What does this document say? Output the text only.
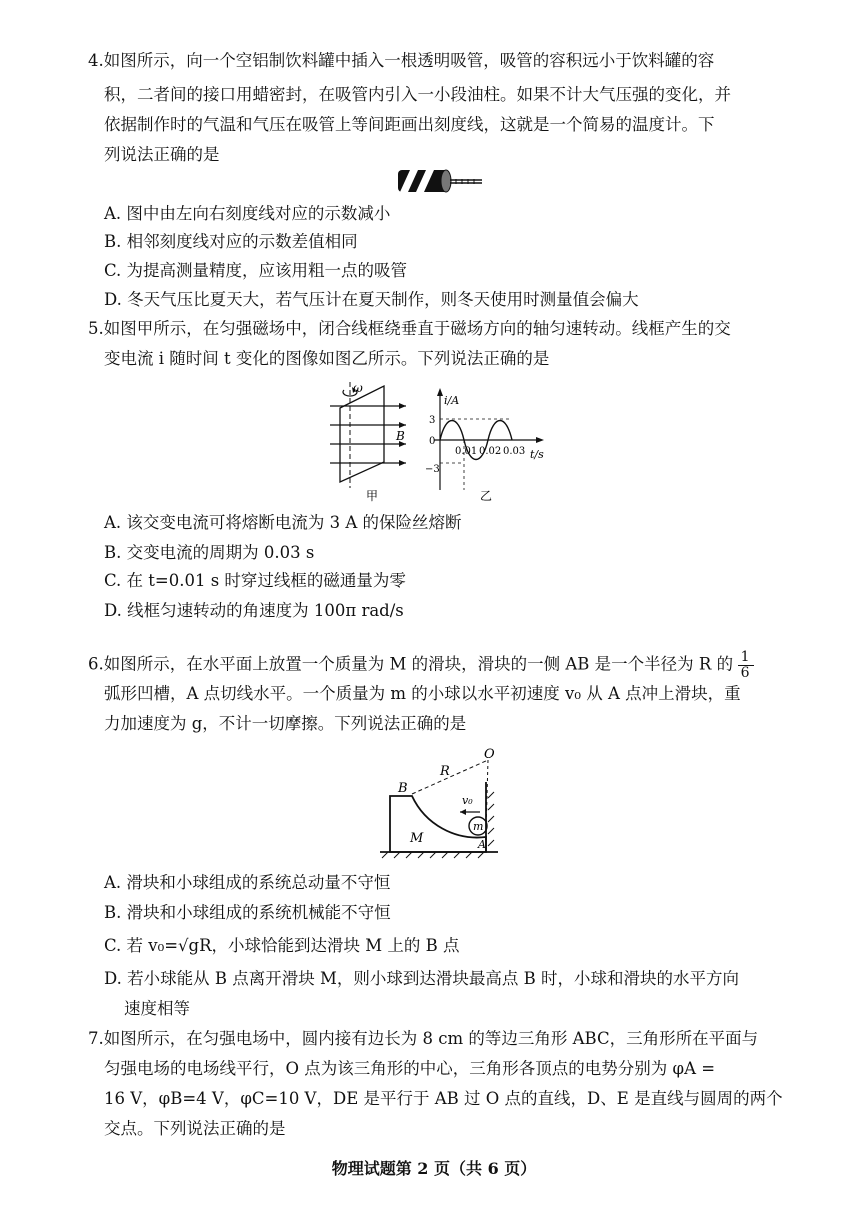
4.如图所示，向一个空铝制饮料罐中插入一根透明吸管，吸管的容积远小于饮料罐的容
积，二者间的接口用蜡密封，在吸管内引入一小段油柱。如果不计大气压强的变化，并
依据制作时的气温和气压在吸管上等间距画出刻度线，这就是一个简易的温度计。下
列说法正确的是
A. 图中由左向右刻度线对应的示数减小
B. 相邻刻度线对应的示数差值相同
C. 为提高测量精度，应该用粗一点的吸管
D. 冬天气压比夏天大，若气压计在夏天制作，则冬天使用时测量值会偏大
5.如图甲所示，在匀强磁场中，闭合线框绕垂直于磁场方向的轴匀速转动。线框产生的交
变电流 i 随时间 t 变化的图像如图乙所示。下列说法正确的是
ω
B
甲
i/A
t/s
3
0
−3
0.01 0.02 0.03
乙
A. 该交变电流可将熔断电流为 3 A 的保险丝熔断
B. 交变电流的周期为 0.03 s
C. 在 t=0.01 s 时穿过线框的磁通量为零
D. 线框匀速转动的角速度为 100π rad/s
6.如图所示，在水平面上放置一个质量为 M 的滑块，滑块的一侧 AB 是一个半径为 R 的 $\frac{1}{6}$
弧形凹槽，A 点切线水平。一个质量为 m 的小球以水平初速度 v₀ 从 A 点冲上滑块，重
力加速度为 g，不计一切摩擦。下列说法正确的是
O
R
B
v₀
m
M	A
A. 滑块和小球组成的系统总动量不守恒
B. 滑块和小球组成的系统机械能不守恒
C. 若 v₀=√gR，小球恰能到达滑块 M 上的 B 点
D. 若小球能从 B 点离开滑块 M，则小球到达滑块最高点 B 时，小球和滑块的水平方向
速度相等
7.如图所示，在匀强电场中，圆内接有边长为 8 cm 的等边三角形 ABC，三角形所在平面与
匀强电场的电场线平行，O 点为该三角形的中心，三角形各顶点的电势分别为 φA =
16 V，φB=4 V，φC=10 V，DE 是平行于 AB 过 O 点的直线，D、E 是直线与圆周的两个
交点。下列说法正确的是
物理试题第 2 页（共 6 页）
